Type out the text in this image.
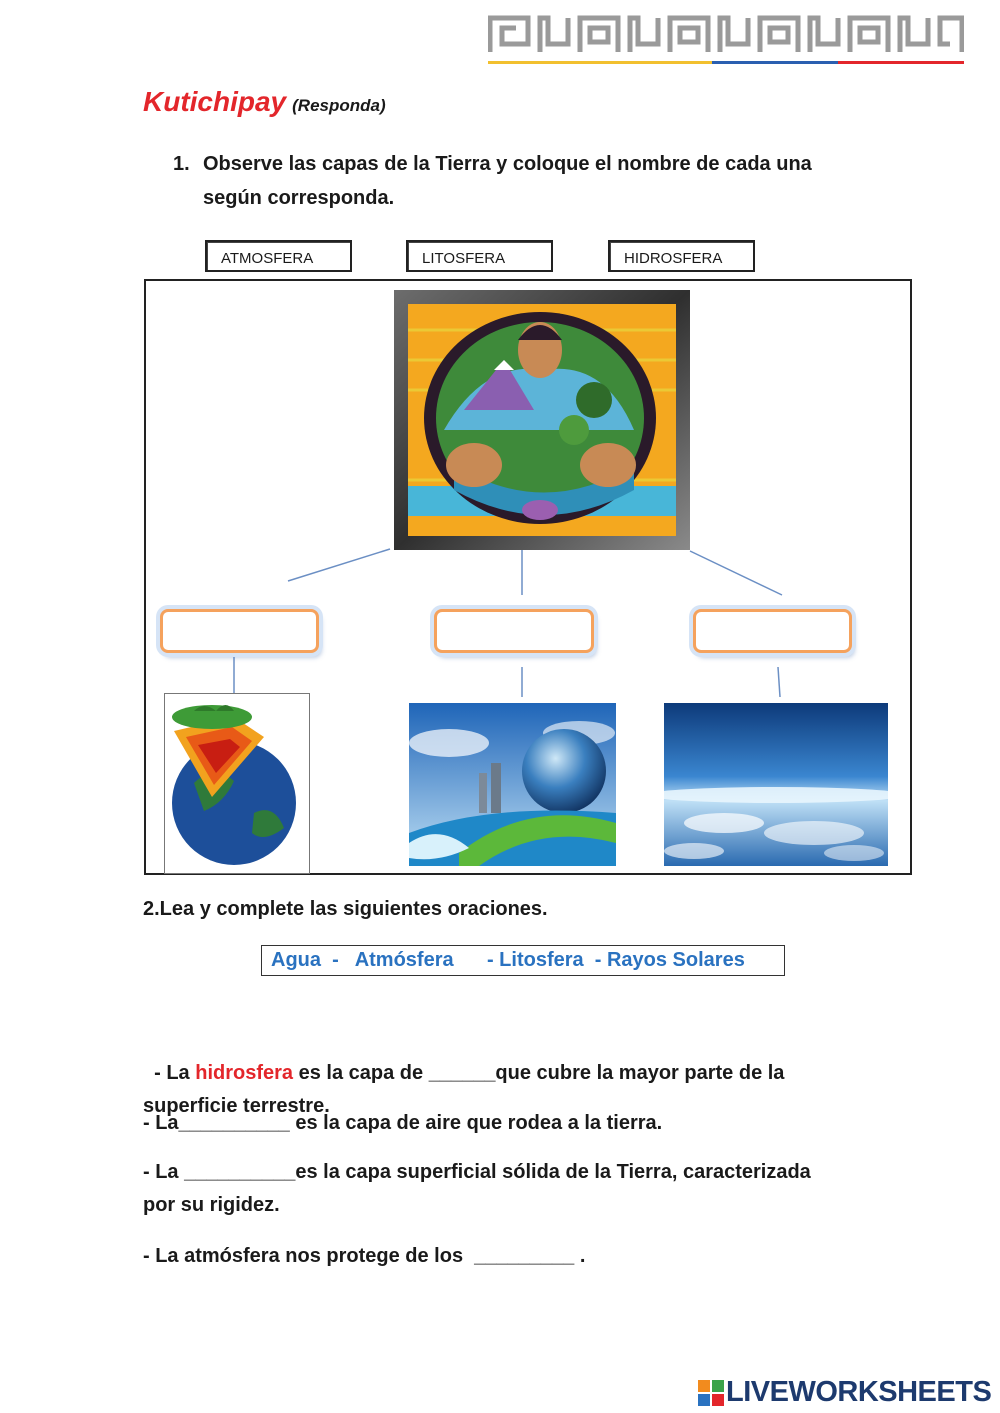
Kutichipay (Responda)
1. Observe las capas de la Tierra y coloque el nombre de cada una según corresponda.
ATMOSFERA	LITOSFERA	HIDROSFERA
2.Lea y complete las siguientes oraciones.
Agua  -   Atmósfera      - Litosfera  - Rayos Solares

- La hidrosfera es la capa de ______que cubre la mayor parte de la superficie terrestre.

- La__________ es la capa de aire que rodea a la tierra.
- La __________es la capa superficial sólida de la Tierra, caracterizada por su rigidez.
- La atmósfera nos protege de los  _________ .
LIVEWORKSHEETS
